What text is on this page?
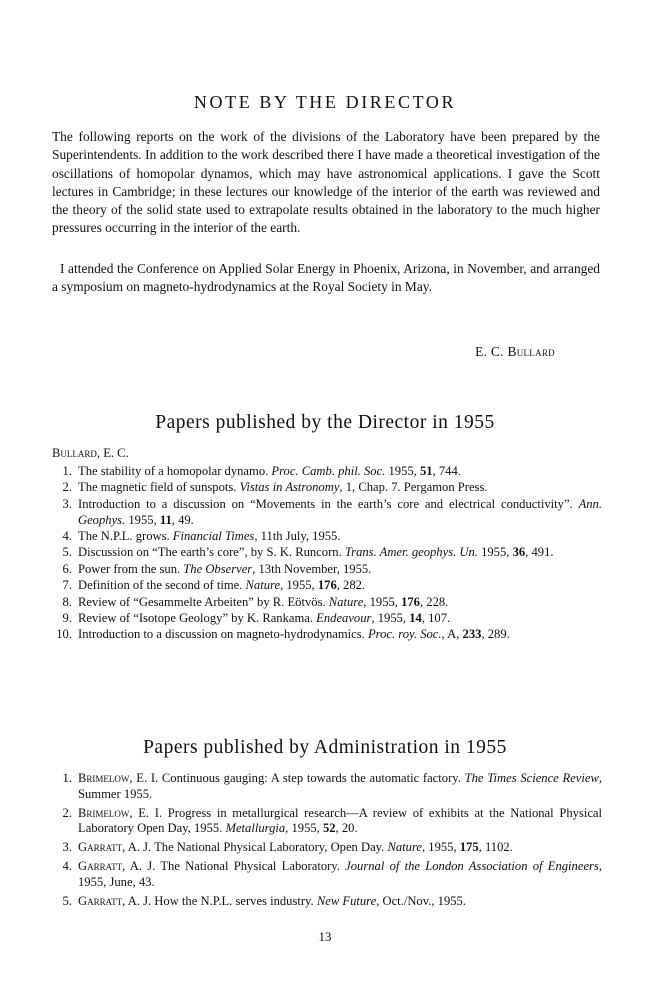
NOTE BY THE DIRECTOR

The following reports on the work of the divisions of the Laboratory have been prepared by the Superintendents. In addition to the work described there I have made a theoretical investigation of the oscillations of homopolar dynamos, which may have astronomical applications. I gave the Scott lectures in Cambridge; in these lectures our knowledge of the interior of the earth was reviewed and the theory of the solid state used to extrapolate results obtained in the laboratory to the much higher pressures occurring in the interior of the earth.

I attended the Conference on Applied Solar Energy in Phoenix, Arizona, in November, and arranged a symposium on magneto-hydrodynamics at the Royal Society in May.

E. C. Bullard
Papers published by the Director in 1955
Bullard, E. C.
1. The stability of a homopolar dynamo. Proc. Camb. phil. Soc. 1955, 51, 744.
2. The magnetic field of sunspots. Vistas in Astronomy, 1, Chap. 7. Pergamon Press.
3. Introduction to a discussion on “Movements in the earth’s core and electrical conductivity”. Ann. Geophys. 1955, 11, 49.
4. The N.P.L. grows. Financial Times, 11th July, 1955.
5. Discussion on “The earth’s core”, by S. K. Runcorn. Trans. Amer. geophys. Un. 1955, 36, 491.
6. Power from the sun. The Observer, 13th November, 1955.
7. Definition of the second of time. Nature, 1955, 176, 282.
8. Review of “Gesammelte Arbeiten” by R. Eötvös. Nature, 1955, 176, 228.
9. Review of “Isotope Geology” by K. Rankama. Endeavour, 1955, 14, 107.
10. Introduction to a discussion on magneto-hydrodynamics. Proc. roy. Soc., A, 233, 289.
Papers published by Administration in 1955
1. Brimelow, E. I. Continuous gauging: A step towards the automatic factory. The Times Science Review, Summer 1955.
2. Brimelow, E. I. Progress in metallurgical research—A review of exhibits at the National Physical Laboratory Open Day, 1955. Metallurgia, 1955, 52, 20.
3. Garratt, A. J. The National Physical Laboratory, Open Day. Nature, 1955, 175, 1102.
4. Garratt, A. J. The National Physical Laboratory. Journal of the London Association of Engineers, 1955, June, 43.
5. Garratt, A. J. How the N.P.L. serves industry. New Future, Oct./Nov., 1955.
13
